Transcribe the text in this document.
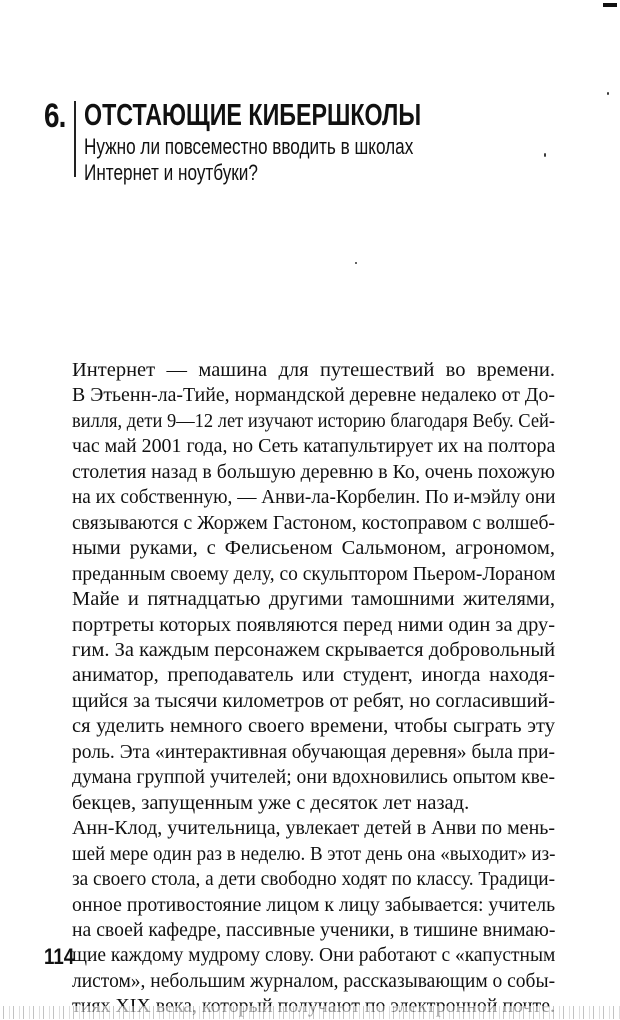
6. ОТСТАЮЩИЕ КИБЕРШКОЛЫ
Нужно ли повсеместно вводить в школах
Интернет и ноутбуки?
Интернет — машина для путешествий во времени.
В Этьенн-ла-Тийе, нормандской деревне недалеко от До-
вилля, дети 9—12 лет изучают историю благодаря Вебу. Сей-
час май 2001 года, но Сеть катапультирует их на полтора
столетия назад в большую деревню в Ко, очень похожую
на их собственную, — Анви-ла-Корбелин. По и-мэйлу они
связываются с Жоржем Гастоном, костоправом с волшеб-
ными руками, с Фелисьеном Сальмоном, агрономом,
преданным своему делу, со скульптором Пьером-Лораном
Майе и пятнадцатью другими тамошними жителями,
портреты которых появляются перед ними один за дру-
гим. За каждым персонажем скрывается добровольный
аниматор, преподаватель или студент, иногда находя-
щийся за тысячи километров от ребят, но согласивший-
ся уделить немного своего времени, чтобы сыграть эту
роль. Эта «интерактивная обучающая деревня» была при-
думана группой учителей; они вдохновились опытом кве-
бекцев, запущенным уже с десяток лет назад.
Анн-Клод, учительница, увлекает детей в Анви по мень-
шей мере один раз в неделю. В этот день она «выходит» из-
за своего стола, а дети свободно ходят по классу. Традици-
онное противостояние лицом к лицу забывается: учитель
на своей кафедре, пассивные ученики, в тишине внимаю-
щие каждому мудрому слову. Они работают с «капустным
листом», небольшим журналом, рассказывающим о собы-
114
